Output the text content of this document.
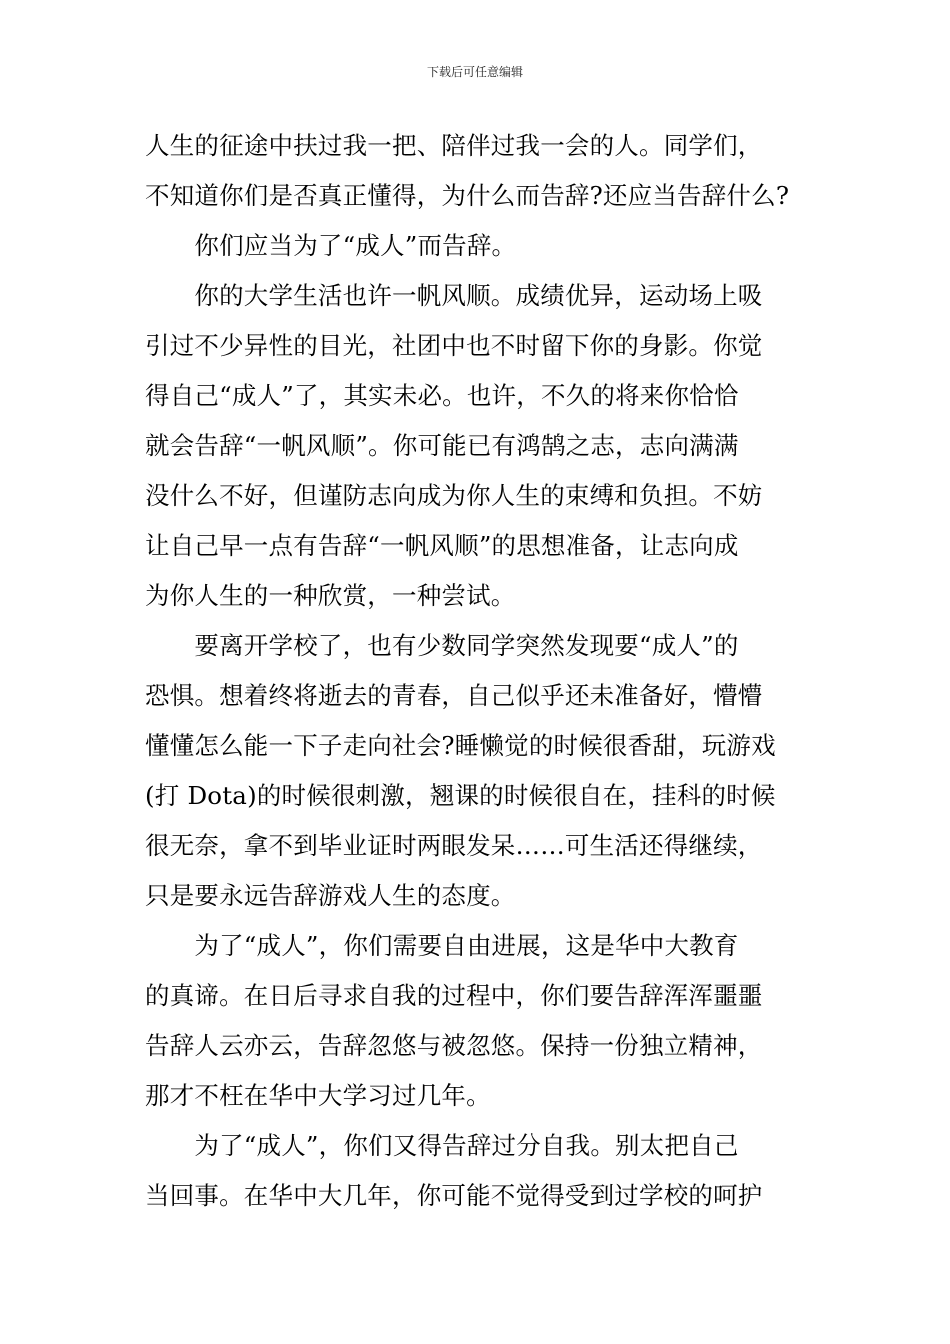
下载后可任意编辑
人生的征途中扶过我一把、陪伴过我一会的人。同学们，
不知道你们是否真正懂得，为什么而告辞?还应当告辞什么?
　　你们应当为了“成人”而告辞。
　　你的大学生活也许一帆风顺。成绩优异，运动场上吸
引过不少异性的目光，社团中也不时留下你的身影。你觉
得自己“成人”了，其实未必。也许，不久的将来你恰恰
就会告辞“一帆风顺”。你可能已有鸿鹄之志，志向满满
没什么不好，但谨防志向成为你人生的束缚和负担。不妨
让自己早一点有告辞“一帆风顺”的思想准备，让志向成
为你人生的一种欣赏，一种尝试。
　　要离开学校了，也有少数同学突然发现要“成人”的
恐惧。想着终将逝去的青春，自己似乎还未准备好，懵懵
懂懂怎么能一下子走向社会?睡懒觉的时候很香甜，玩游戏
(打 Dota)的时候很刺激，翘课的时候很自在，挂科的时候
很无奈，拿不到毕业证时两眼发呆……可生活还得继续，
只是要永远告辞游戏人生的态度。
　　为了“成人”，你们需要自由进展，这是华中大教育
的真谛。在日后寻求自我的过程中，你们要告辞浑浑噩噩
告辞人云亦云，告辞忽悠与被忽悠。保持一份独立精神，
那才不枉在华中大学习过几年。
　　为了“成人”，你们又得告辞过分自我。别太把自己
当回事。在华中大几年，你可能不觉得受到过学校的呵护
